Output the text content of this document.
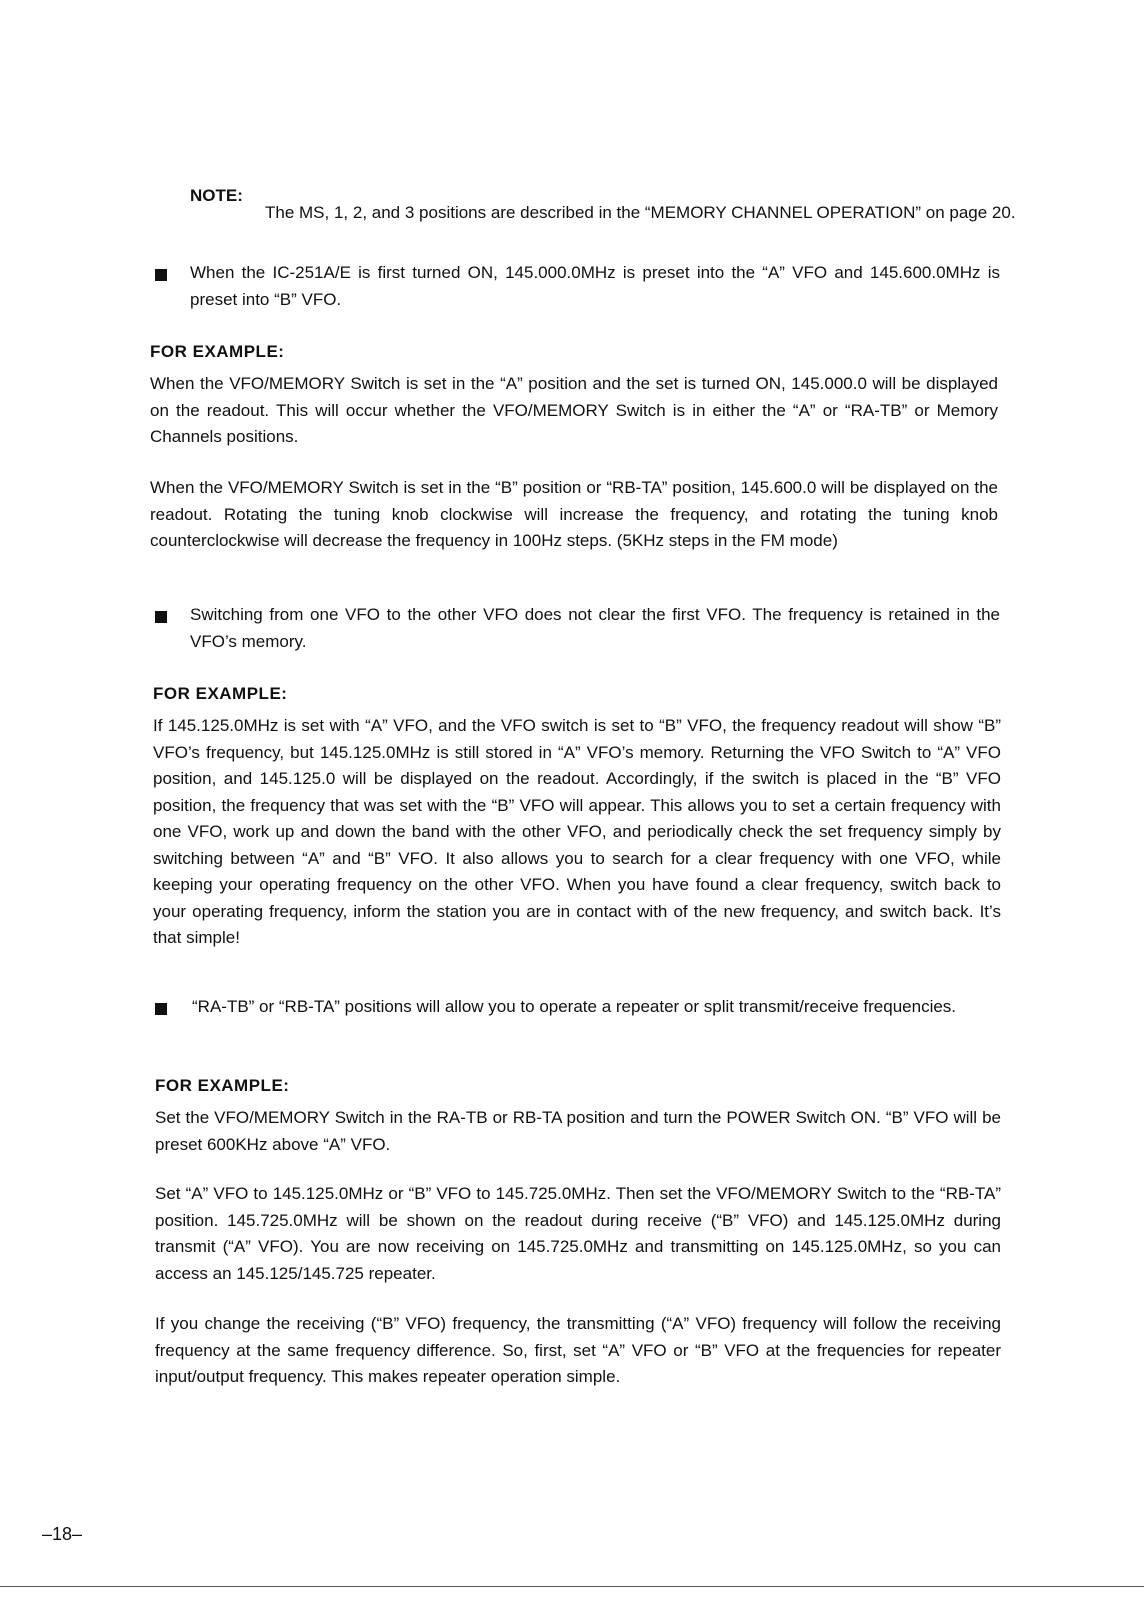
NOTE:

The MS, 1, 2, and 3 positions are described in the “MEMORY CHANNEL OPERATION” on page 20.

When the IC-251A/E is first turned ON, 145.000.0MHz is preset into the “A” VFO and 145.600.0MHz is preset into “B” VFO.

FOR EXAMPLE:

When the VFO/MEMORY Switch is set in the “A” position and the set is turned ON, 145.000.0 will be displayed on the readout. This will occur whether the VFO/MEMORY Switch is in either the “A” or “RA-TB” or Memory Channels positions.

When the VFO/MEMORY Switch is set in the “B” position or “RB-TA” position, 145.600.0 will be displayed on the readout. Rotating the tuning knob clockwise will increase the frequency, and rotating the tuning knob counterclockwise will decrease the frequency in 100Hz steps. (5KHz steps in the FM mode)

Switching from one VFO to the other VFO does not clear the first VFO. The frequency is retained in the VFO’s memory.

FOR EXAMPLE:

If 145.125.0MHz is set with “A” VFO, and the VFO switch is set to “B” VFO, the frequency readout will show “B” VFO’s frequency, but 145.125.0MHz is still stored in “A” VFO’s memory. Returning the VFO Switch to “A” VFO position, and 145.125.0 will be displayed on the readout. Accordingly, if the switch is placed in the “B” VFO position, the frequency that was set with the “B” VFO will appear. This allows you to set a certain frequency with one VFO, work up and down the band with the other VFO, and periodically check the set frequency simply by switching between “A” and “B” VFO. It also allows you to search for a clear frequency with one VFO, while keeping your operating frequency on the other VFO. When you have found a clear frequency, switch back to your operating frequency, inform the station you are in contact with of the new frequency, and switch back. It’s that simple!

“RA-TB” or “RB-TA” positions will allow you to operate a repeater or split transmit/receive frequencies.

FOR EXAMPLE:

Set the VFO/MEMORY Switch in the RA-TB or RB-TA position and turn the POWER Switch ON. “B” VFO will be preset 600KHz above “A” VFO.

Set “A” VFO to 145.125.0MHz or “B” VFO to 145.725.0MHz. Then set the VFO/MEMORY Switch to the “RB-TA” position. 145.725.0MHz will be shown on the readout during receive (“B” VFO) and 145.125.0MHz during transmit (“A” VFO). You are now receiving on 145.725.0MHz and transmitting on 145.125.0MHz, so you can access an 145.125/145.725 repeater.

If you change the receiving (“B” VFO) frequency, the transmitting (“A” VFO) frequency will follow the receiving frequency at the same frequency difference. So, first, set “A” VFO or “B” VFO at the frequencies for repeater input/output frequency. This makes repeater operation simple.

–18–
